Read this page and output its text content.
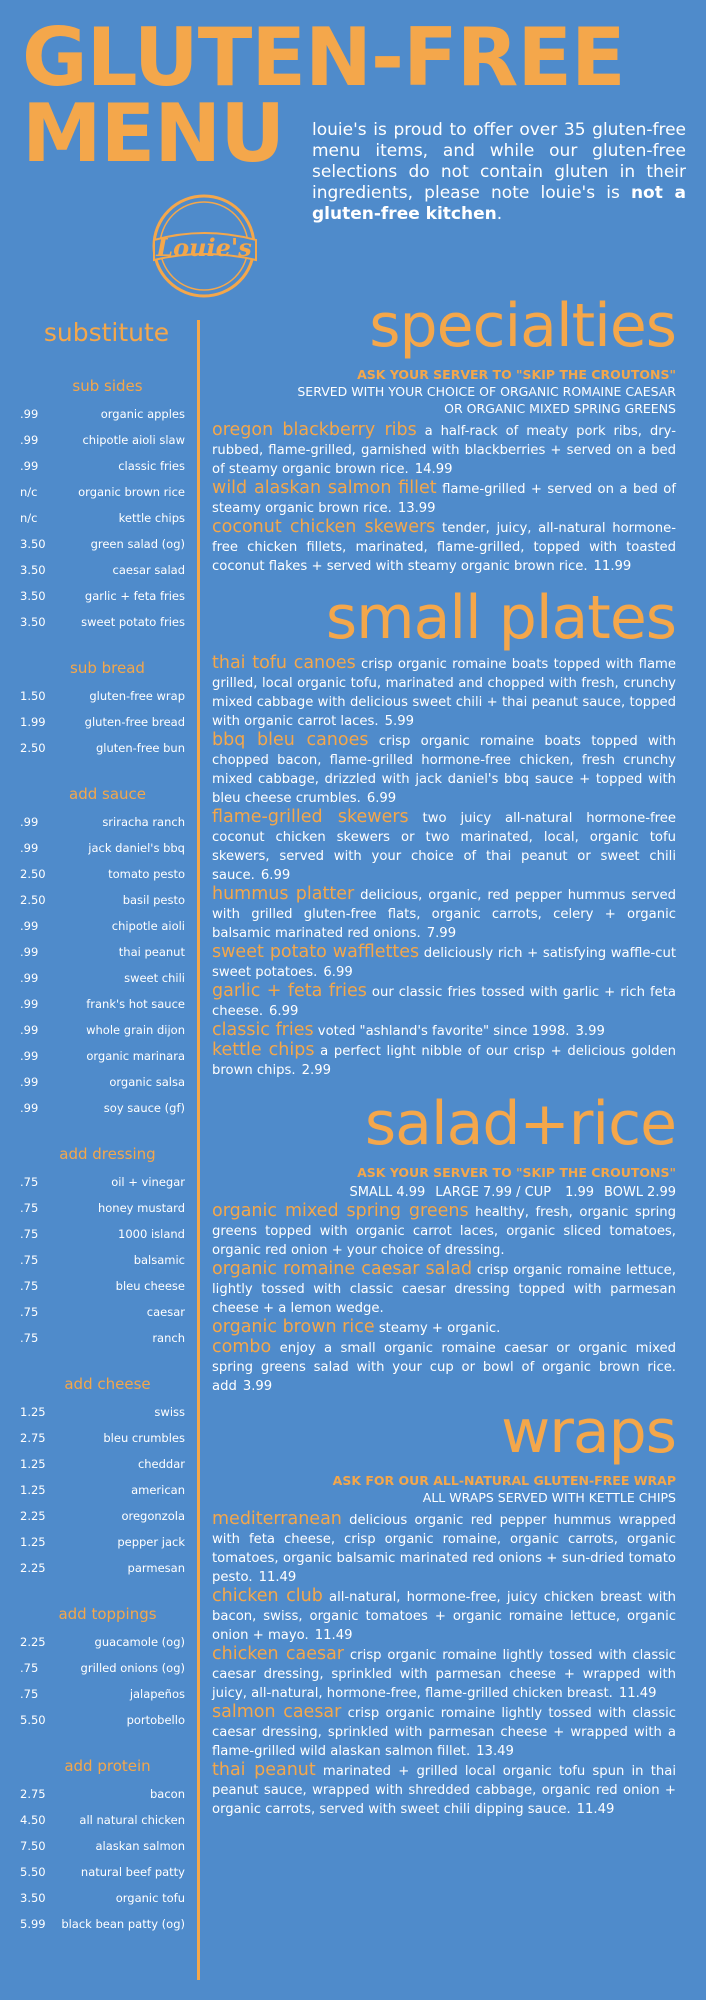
GLUTEN-FREE
MENU	louie's is proud to offer over 35 gluten-free menu items, and while our gluten-free selections do not contain gluten in their ingredients, please note louie's is not a gluten-free kitchen.

Louie's
substitute
sub sides
.99	organic apples
.99	chipotle aioli slaw
.99	classic fries
n/c	organic brown rice
n/c	kettle chips
3.50	green salad (og)
3.50	caesar salad
3.50	garlic + feta fries
3.50	sweet potato fries
sub bread
1.50	gluten-free wrap
1.99	gluten-free bread
2.50	gluten-free bun
add sauce
.99	sriracha ranch
.99	jack daniel's bbq
2.50	tomato pesto
2.50	basil pesto
.99	chipotle aioli
.99	thai peanut
.99	sweet chili
.99	frank's hot sauce
.99	whole grain dijon
.99	organic marinara
.99	organic salsa
.99	soy sauce (gf)
add dressing
.75	oil + vinegar
.75	honey mustard
.75	1000 island
.75	balsamic
.75	bleu cheese
.75	caesar
.75	ranch
add cheese
1.25	swiss
2.75	bleu crumbles
1.25	cheddar
1.25	american
2.25	oregonzola
1.25	pepper jack
2.25	parmesan
add toppings
2.25	guacamole (og)
.75	grilled onions (og)
.75	jalapeños
5.50	portobello
add protein
2.75	bacon
4.50	all natural chicken
7.50	alaskan salmon
5.50	natural beef patty
3.50	organic tofu
5.99	black bean patty (og)
specialties
ASK YOUR SERVER TO "SKIP THE CROUTONS"
SERVED WITH YOUR CHOICE OF ORGANIC ROMAINE CAESAR
OR ORGANIC MIXED SPRING GREENS

oregon blackberry ribs a half-rack of meaty pork ribs, dry-rubbed, flame-grilled, garnished with blackberries + served on a bed of steamy organic brown rice. 14.99

wild alaskan salmon fillet flame-grilled + served on a bed of steamy organic brown rice. 13.99

coconut chicken skewers tender, juicy, all-natural hormone-free chicken fillets, marinated, flame-grilled, topped with toasted coconut flakes + served with steamy organic brown rice. 11.99

small plates

thai tofu canoes crisp organic romaine boats topped with flame grilled, local organic tofu, marinated and chopped with fresh, crunchy mixed cabbage with delicious sweet chili + thai peanut sauce, topped with organic carrot laces. 5.99

bbq bleu canoes crisp organic romaine boats topped with chopped bacon, flame-grilled hormone-free chicken, fresh crunchy mixed cabbage, drizzled with jack daniel's bbq sauce + topped with bleu cheese crumbles. 6.99

flame-grilled skewers two juicy all-natural hormone-free coconut chicken skewers or two marinated, local, organic tofu skewers, served with your choice of thai peanut or sweet chili sauce. 6.99

hummus platter delicious, organic, red pepper hummus served with grilled gluten-free flats, organic carrots, celery + organic balsamic marinated red onions. 7.99

sweet potato wafflettes deliciously rich + satisfying waffle-cut sweet potatoes. 6.99

garlic + feta fries our classic fries tossed with garlic + rich feta cheese. 6.99

classic fries voted "ashland's favorite" since 1998. 3.99

kettle chips a perfect light nibble of our crisp + delicious golden brown chips. 2.99

salad+rice
ASK YOUR SERVER TO "SKIP THE CROUTONS"
SMALL 4.99 LARGE 7.99 / CUP 1.99 BOWL 2.99

organic mixed spring greens healthy, fresh, organic spring greens topped with organic carrot laces, organic sliced tomatoes, organic red onion + your choice of dressing.

organic romaine caesar salad crisp organic romaine lettuce, lightly tossed with classic caesar dressing topped with parmesan cheese + a lemon wedge.

organic brown rice steamy + organic.

combo enjoy a small organic romaine caesar or organic mixed spring greens salad with your cup or bowl of organic brown rice. add 3.99

wraps
ASK FOR OUR ALL-NATURAL GLUTEN-FREE WRAP
ALL WRAPS SERVED WITH KETTLE CHIPS

mediterranean delicious organic red pepper hummus wrapped with feta cheese, crisp organic romaine, organic carrots, organic tomatoes, organic balsamic marinated red onions + sun-dried tomato pesto. 11.49

chicken club all-natural, hormone-free, juicy chicken breast with bacon, swiss, organic tomatoes + organic romaine lettuce, organic onion + mayo. 11.49

chicken caesar crisp organic romaine lightly tossed with classic caesar dressing, sprinkled with parmesan cheese + wrapped with juicy, all-natural, hormone-free, flame-grilled chicken breast. 11.49

salmon caesar crisp organic romaine lightly tossed with classic caesar dressing, sprinkled with parmesan cheese + wrapped with a flame-grilled wild alaskan salmon fillet. 13.49

thai peanut marinated + grilled local organic tofu spun in thai peanut sauce, wrapped with shredded cabbage, organic red onion + organic carrots, served with sweet chili dipping sauce. 11.49
